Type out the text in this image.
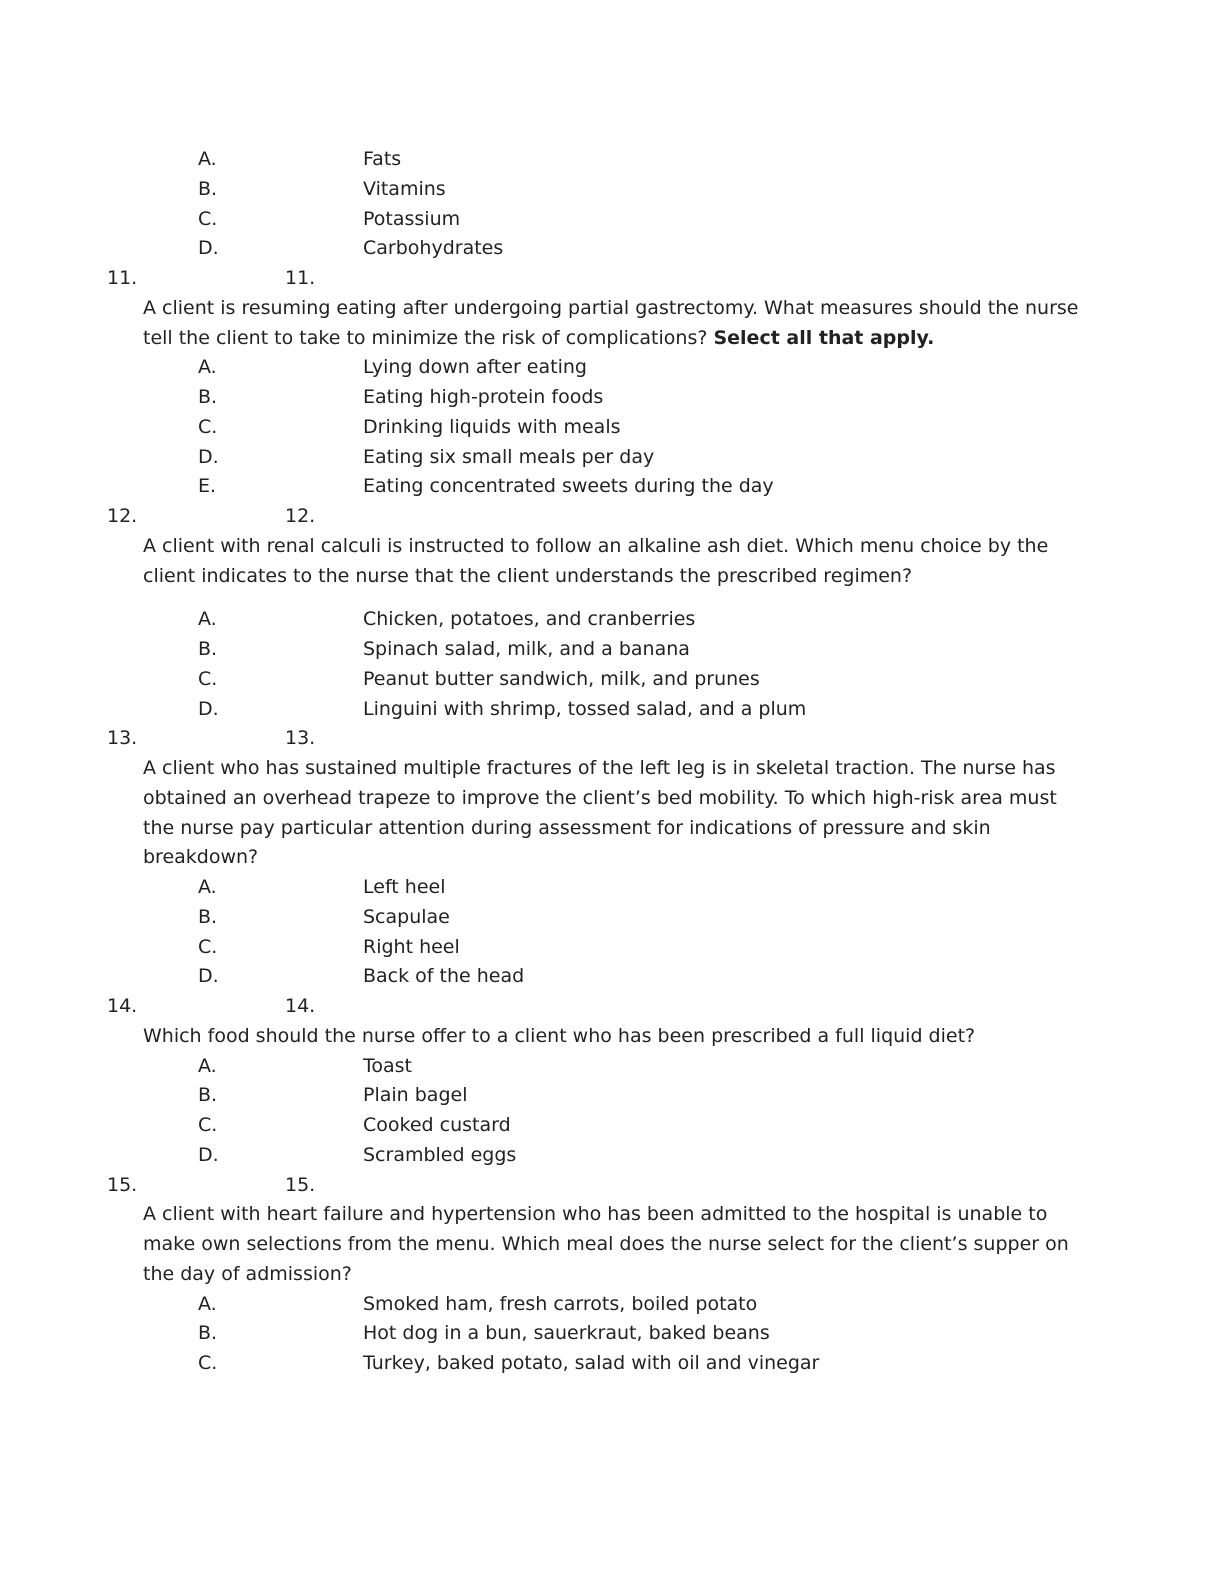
A.	Fats
B.	Vitamins
C.	Potassium
D.	Carbohydrates
11.	11.
A client is resuming eating after undergoing partial gastrectomy. What measures should the nurse tell the client to take to minimize the risk of complications? Select all that apply.
A.	Lying down after eating
B.	Eating high-protein foods
C.	Drinking liquids with meals
D.	Eating six small meals per day
E.	Eating concentrated sweets during the day
12.	12.
A client with renal calculi is instructed to follow an alkaline ash diet. Which menu choice by the client indicates to the nurse that the client understands the prescribed regimen?
A.	Chicken, potatoes, and cranberries
B.	Spinach salad, milk, and a banana
C.	Peanut butter sandwich, milk, and prunes
D.	Linguini with shrimp, tossed salad, and a plum
13.	13.
A client who has sustained multiple fractures of the left leg is in skeletal traction. The nurse has obtained an overhead trapeze to improve the client’s bed mobility. To which high-risk area must the nurse pay particular attention during assessment for indications of pressure and skin breakdown?
A.	Left heel
B.	Scapulae
C.	Right heel
D.	Back of the head
14.	14.
Which food should the nurse offer to a client who has been prescribed a full liquid diet?
A.	Toast
B.	Plain bagel
C.	Cooked custard
D.	Scrambled eggs
15.	15.
A client with heart failure and hypertension who has been admitted to the hospital is unable to make own selections from the menu. Which meal does the nurse select for the client’s supper on the day of admission?
A.	Smoked ham, fresh carrots, boiled potato
B.	Hot dog in a bun, sauerkraut, baked beans
C.	Turkey, baked potato, salad with oil and vinegar
